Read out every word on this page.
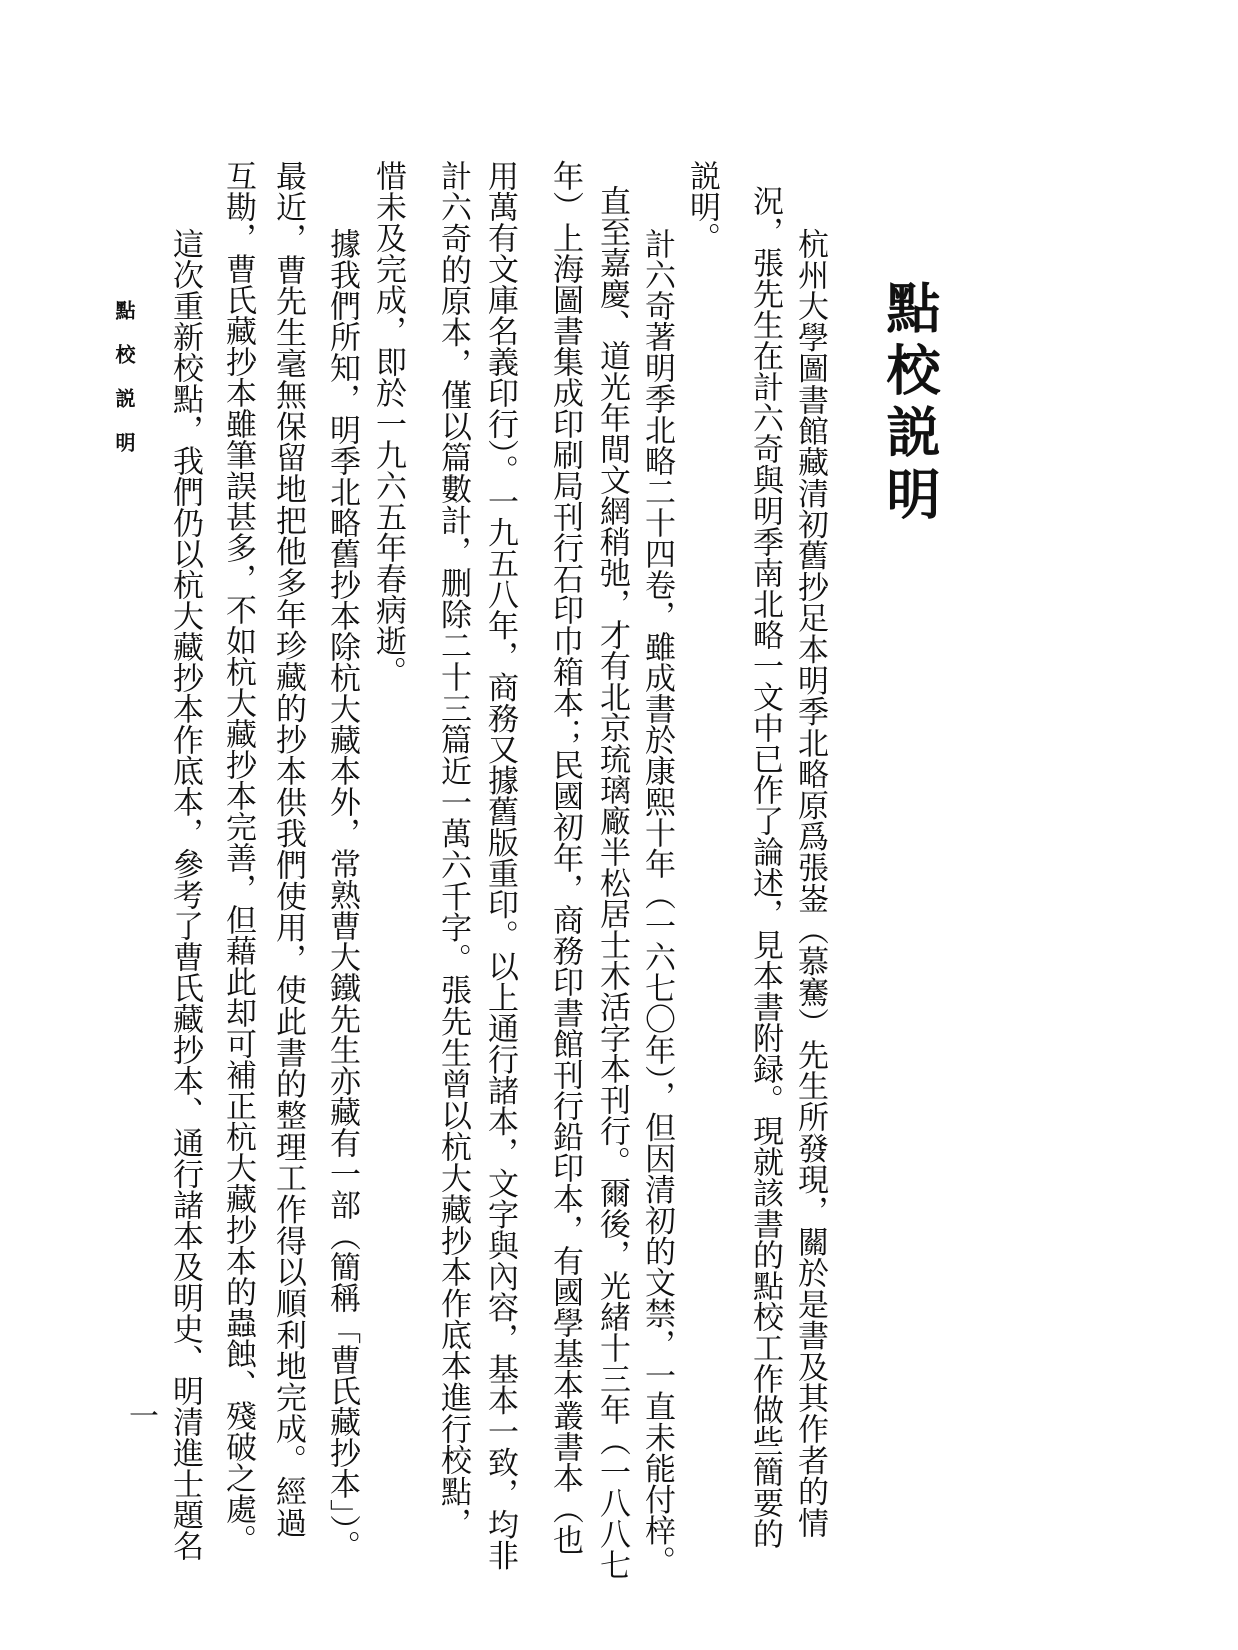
點校説明
杭州大學圖書館藏清初舊抄足本明季北略原爲張崟（慕騫）先生所發現，關於是書及其作者的情
況，張先生在計六奇與明季南北略一文中已作了論述，見本書附録。現就該書的點校工作做些簡要的
説明。
計六奇著明季北略二十四卷，雖成書於康熙十年（一六七〇年），但因清初的文禁，一直未能付梓。
直至嘉慶、道光年間文網稍弛，才有北京琉璃廠半松居士木活字本刊行。爾後，光緒十三年（一八八七
年）上海圖書集成印刷局刊行石印巾箱本；民國初年，商務印書館刊行鉛印本，有國學基本叢書本（也
用萬有文庫名義印行）。一九五八年，商務又據舊版重印。以上通行諸本，文字與內容，基本一致，均非
計六奇的原本，僅以篇數計，删除二十三篇近一萬六千字。張先生曾以杭大藏抄本作底本進行校點，
惜未及完成，即於一九六五年春病逝。
據我們所知，明季北略舊抄本除杭大藏本外，常熟曹大鐵先生亦藏有一部（簡稱「曹氏藏抄本」）。
最近，曹先生毫無保留地把他多年珍藏的抄本供我們使用，使此書的整理工作得以順利地完成。經過
互勘，曹氏藏抄本雖筆誤甚多，不如杭大藏抄本完善，但藉此却可補正杭大藏抄本的蟲蝕、殘破之處。
這次重新校點，我們仍以杭大藏抄本作底本，參考了曹氏藏抄本、通行諸本及明史、明清進士題名
點校説明
一
